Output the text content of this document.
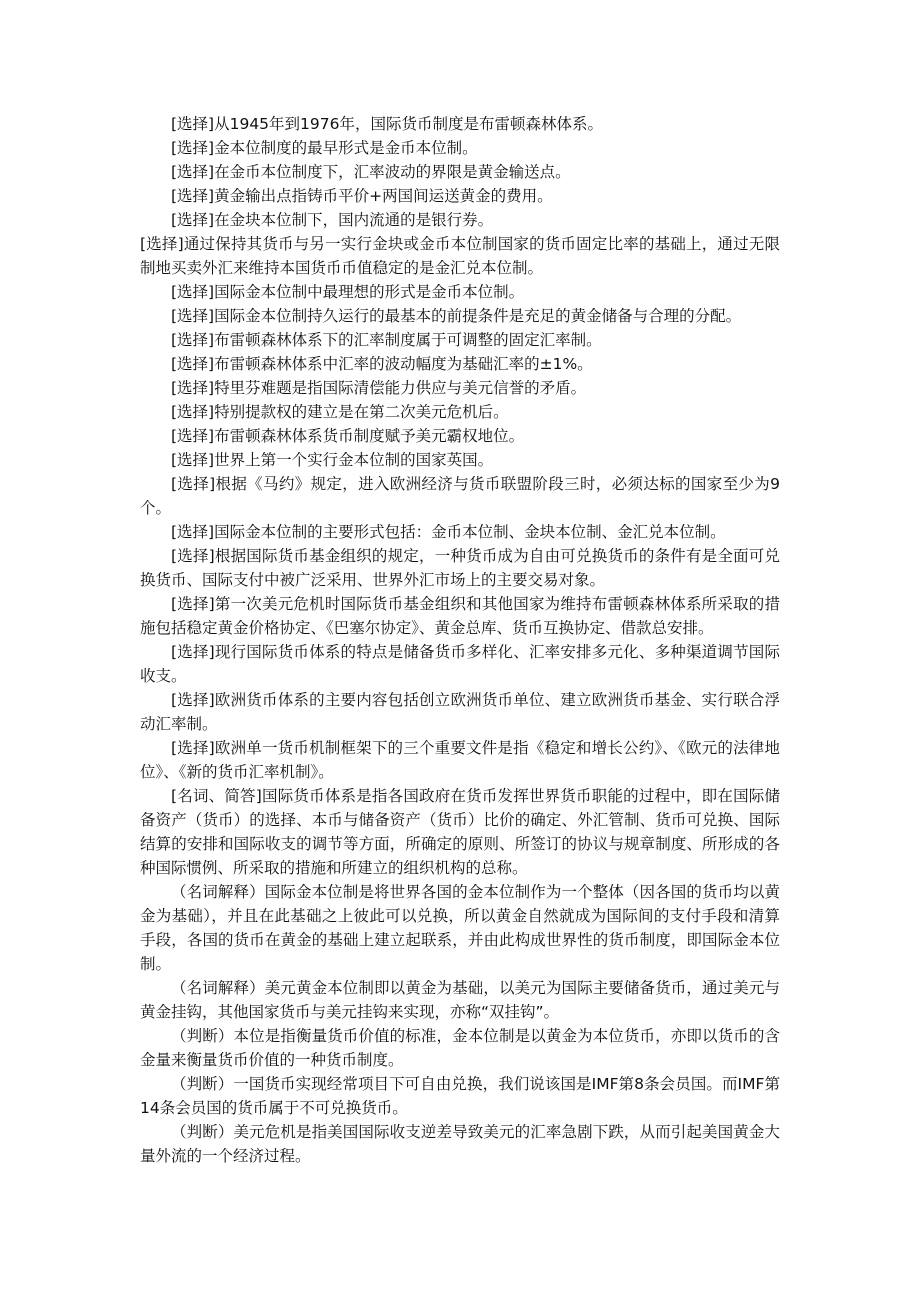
[选择]从1945年到1976年，国际货币制度是布雷顿森林体系。

[选择]金本位制度的最早形式是金币本位制。

[选择]在金币本位制度下，汇率波动的界限是黄金输送点。

[选择]黄金输出点指铸币平价+两国间运送黄金的费用。

[选择]在金块本位制下，国内流通的是银行券。

[选择]通过保持其货币与另一实行金块或金币本位制国家的货币固定比率的基础上，通过无限制地买卖外汇来维持本国货币币值稳定的是金汇兑本位制。

[选择]国际金本位制中最理想的形式是金币本位制。

[选择]国际金本位制持久运行的最基本的前提条件是充足的黄金储备与合理的分配。

[选择]布雷顿森林体系下的汇率制度属于可调整的固定汇率制。

[选择]布雷顿森林体系中汇率的波动幅度为基础汇率的±1%。

[选择]特里芬难题是指国际清偿能力供应与美元信誉的矛盾。

[选择]特别提款权的建立是在第二次美元危机后。

[选择]布雷顿森林体系货币制度赋予美元霸权地位。

[选择]世界上第一个实行金本位制的国家英国。

[选择]根据《马约》规定，进入欧洲经济与货币联盟阶段三时，必须达标的国家至少为9个。

[选择]国际金本位制的主要形式包括：金币本位制、金块本位制、金汇兑本位制。

[选择]根据国际货币基金组织的规定，一种货币成为自由可兑换货币的条件有是全面可兑换货币、国际支付中被广泛采用、世界外汇市场上的主要交易对象。

[选择]第一次美元危机时国际货币基金组织和其他国家为维持布雷顿森林体系所采取的措施包括稳定黄金价格协定、《巴塞尔协定》、黄金总库、货币互换协定、借款总安排。

[选择]现行国际货币体系的特点是储备货币多样化、汇率安排多元化、多种渠道调节国际收支。

[选择]欧洲货币体系的主要内容包括创立欧洲货币单位、建立欧洲货币基金、实行联合浮动汇率制。

[选择]欧洲单一货币机制框架下的三个重要文件是指《稳定和增长公约》、《欧元的法律地位》、《新的货币汇率机制》。

[名词、简答]国际货币体系是指各国政府在货币发挥世界货币职能的过程中，即在国际储备资产（货币）的选择、本币与储备资产（货币）比价的确定、外汇管制、货币可兑换、国际结算的安排和国际收支的调节等方面，所确定的原则、所签订的协议与规章制度、所形成的各种国际惯例、所采取的措施和所建立的组织机构的总称。

（名词解释）国际金本位制是将世界各国的金本位制作为一个整体（因各国的货币均以黄金为基础），并且在此基础之上彼此可以兑换，所以黄金自然就成为国际间的支付手段和清算手段，各国的货币在黄金的基础上建立起联系，并由此构成世界性的货币制度，即国际金本位制。

（名词解释）美元黄金本位制即以黄金为基础，以美元为国际主要储备货币，通过美元与黄金挂钩，其他国家货币与美元挂钩来实现，亦称“双挂钩”。

（判断）本位是指衡量货币价值的标准，金本位制是以黄金为本位货币，亦即以货币的含金量来衡量货币价值的一种货币制度。

（判断）一国货币实现经常项目下可自由兑换，我们说该国是IMF第8条会员国。而IMF第14条会员国的货币属于不可兑换货币。

（判断）美元危机是指美国国际收支逆差导致美元的汇率急剧下跌，从而引起美国黄金大量外流的一个经济过程。
